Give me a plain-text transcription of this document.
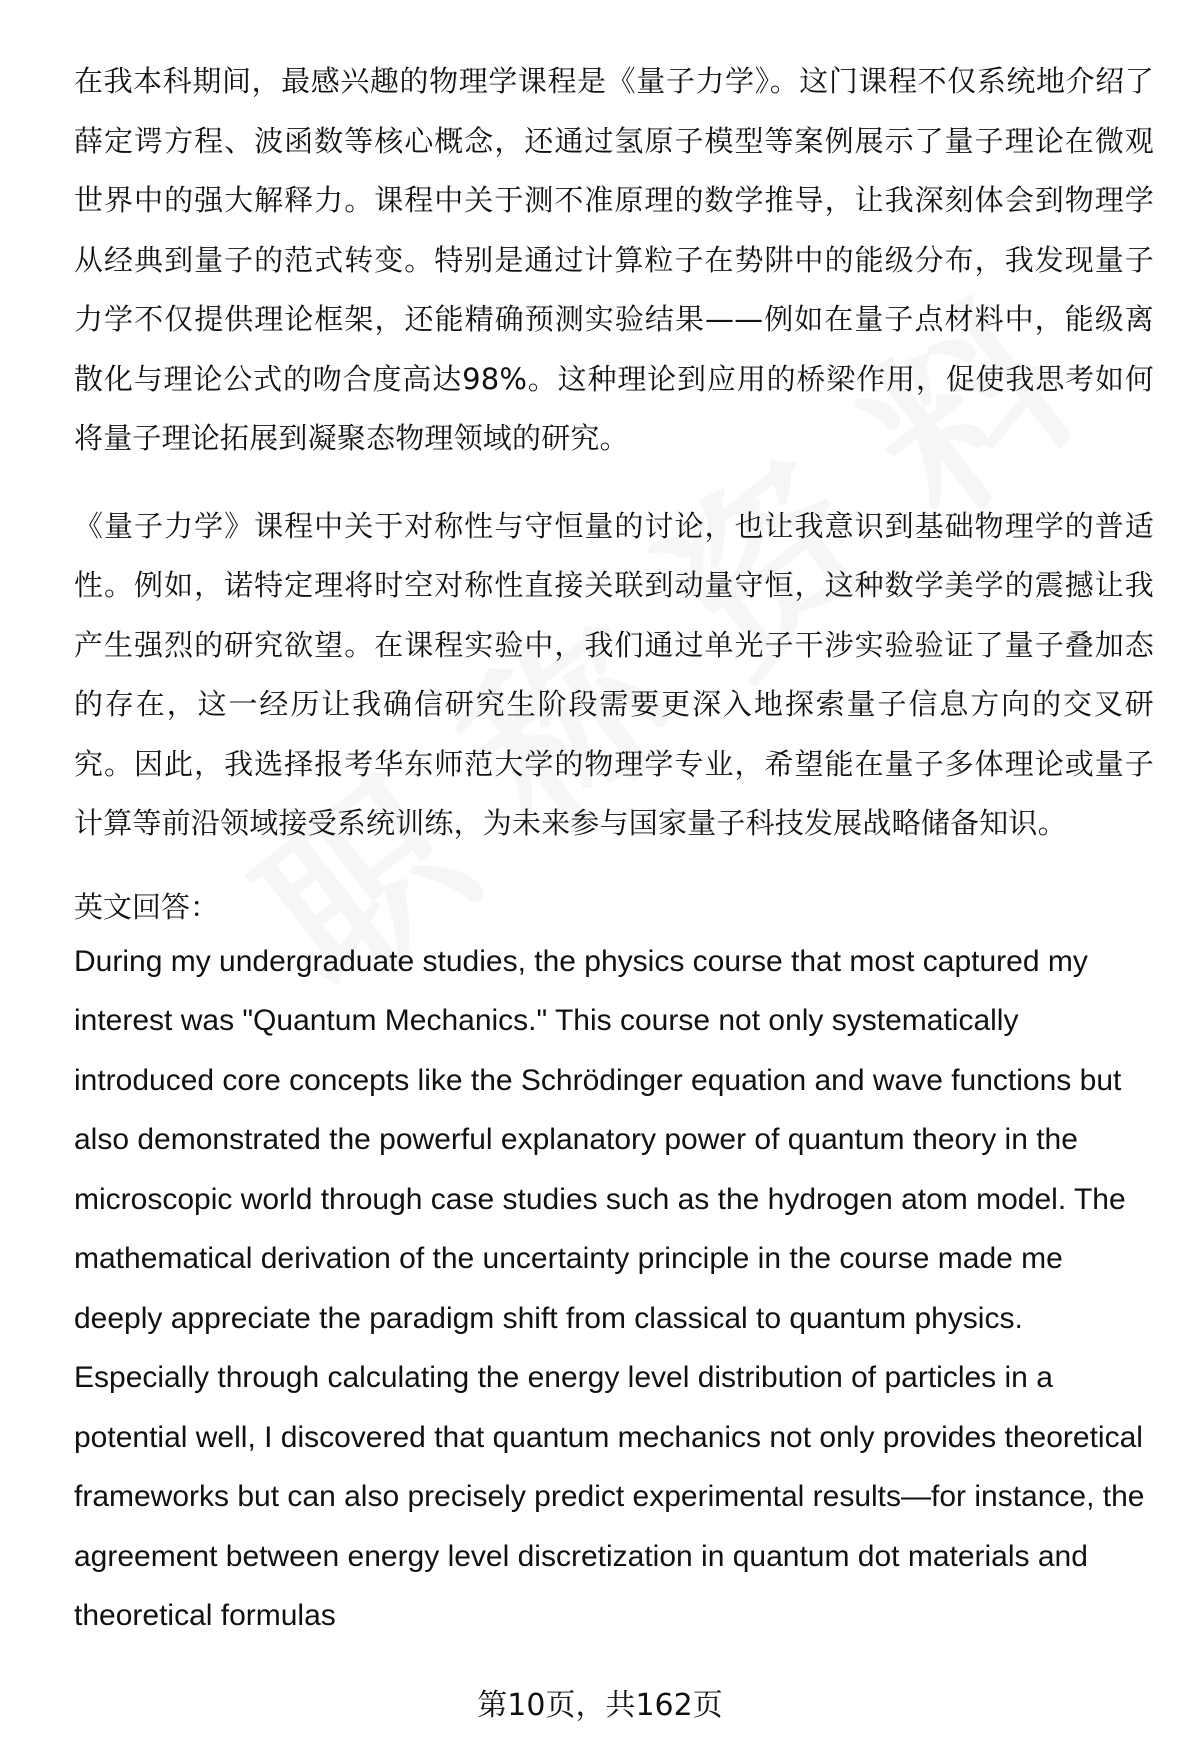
在我本科期间，最感兴趣的物理学课程是《量子力学》。这门课程不仅系统地介绍了薛定谔方程、波函数等核心概念，还通过氢原子模型等案例展示了量子理论在微观世界中的强大解释力。课程中关于测不准原理的数学推导，让我深刻体会到物理学从经典到量子的范式转变。特别是通过计算粒子在势阱中的能级分布，我发现量子力学不仅提供理论框架，还能精确预测实验结果——例如在量子点材料中，能级离散化与理论公式的吻合度高达98%。这种理论到应用的桥梁作用，促使我思考如何将量子理论拓展到凝聚态物理领域的研究。

《量子力学》课程中关于对称性与守恒量的讨论，也让我意识到基础物理学的普适性。例如，诺特定理将时空对称性直接关联到动量守恒，这种数学美学的震撼让我产生强烈的研究欲望。在课程实验中，我们通过单光子干涉实验验证了量子叠加态的存在，这一经历让我确信研究生阶段需要更深入地探索量子信息方向的交叉研究。因此，我选择报考华东师范大学的物理学专业，希望能在量子多体理论或量子计算等前沿领域接受系统训练，为未来参与国家量子科技发展战略储备知识。

英文回答：

During my undergraduate studies, the physics course that most captured my interest was "Quantum Mechanics." This course not only systematically introduced core concepts like the Schrödinger equation and wave functions but also demonstrated the powerful explanatory power of quantum theory in the microscopic world through case studies such as the hydrogen atom model. The mathematical derivation of the uncertainty principle in the course made me deeply appreciate the paradigm shift from classical to quantum physics. Especially through calculating the energy level distribution of particles in a potential well, I discovered that quantum mechanics not only provides theoretical frameworks but can also precisely predict experimental results—for instance, the agreement between energy level discretization in quantum dot materials and theoretical formulas

第10页，共162页
